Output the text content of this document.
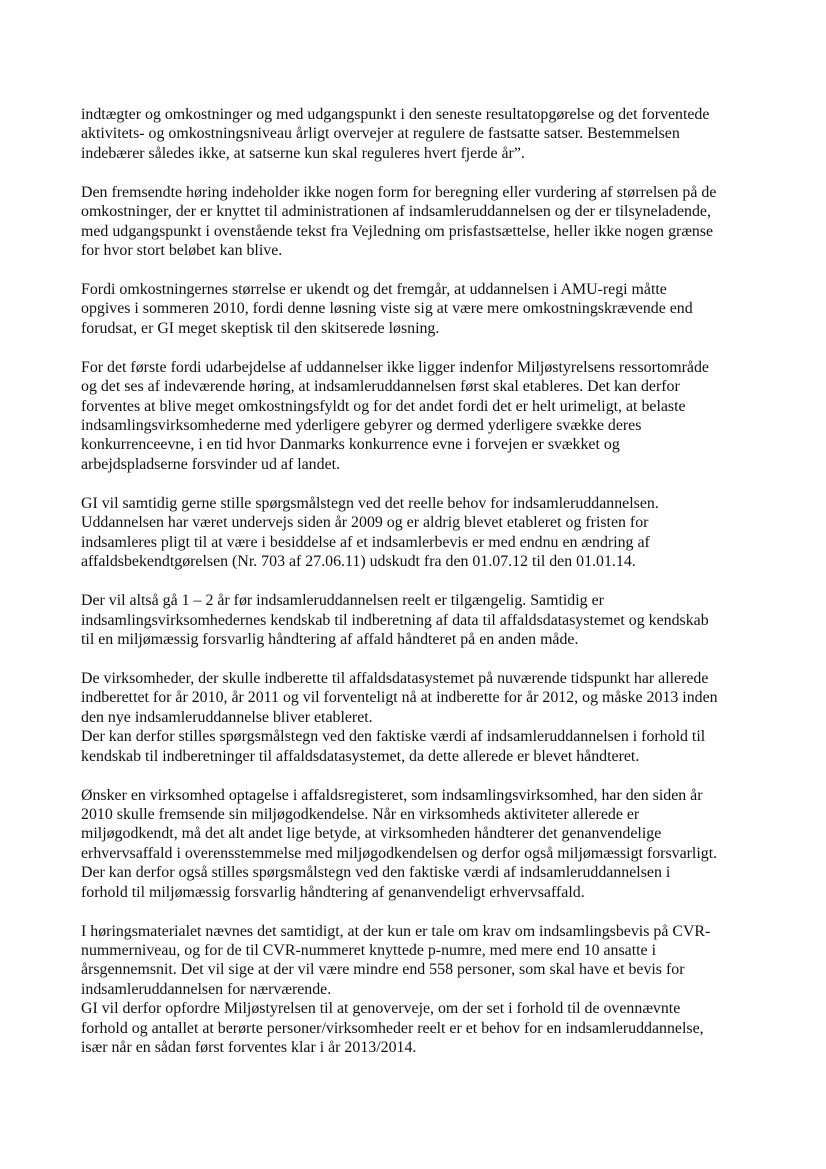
indtægter og omkostninger og med udgangspunkt i den seneste resultatopgørelse og det forventede
aktivitets- og omkostningsniveau årligt overvejer at regulere de fastsatte satser. Bestemmelsen
indebærer således ikke, at satserne kun skal reguleres hvert fjerde år”.

Den fremsendte høring indeholder ikke nogen form for beregning eller vurdering af størrelsen på de
omkostninger, der er knyttet til administrationen af indsamleruddannelsen og der er tilsyneladende,
med udgangspunkt i ovenstående tekst fra Vejledning om prisfastsættelse, heller ikke nogen grænse
for hvor stort beløbet kan blive.

Fordi omkostningernes størrelse er ukendt og det fremgår, at uddannelsen i AMU-regi måtte
opgives i sommeren 2010, fordi denne løsning viste sig at være mere omkostningskrævende end
forudsat, er GI meget skeptisk til den skitserede løsning.

For det første fordi udarbejdelse af uddannelser ikke ligger indenfor Miljøstyrelsens ressortområde
og det ses af indeværende høring, at indsamleruddannelsen først skal etableres. Det kan derfor
forventes at blive meget omkostningsfyldt og for det andet fordi det er helt urimeligt, at belaste
indsamlingsvirksomhederne med yderligere gebyrer og dermed yderligere svække deres
konkurrenceevne, i en tid hvor Danmarks konkurrence evne i forvejen er svækket og
arbejdspladserne forsvinder ud af landet.

GI vil samtidig gerne stille spørgsmålstegn ved det reelle behov for indsamleruddannelsen.
Uddannelsen har været undervejs siden år 2009 og er aldrig blevet etableret og fristen for
indsamleres pligt til at være i besiddelse af et indsamlerbevis er med endnu en ændring af
affaldsbekendtgørelsen (Nr. 703 af 27.06.11) udskudt fra den 01.07.12 til den 01.01.14.

Der vil altså gå 1 – 2 år før indsamleruddannelsen reelt er tilgængelig. Samtidig er
indsamlingsvirksomhedernes kendskab til indberetning af data til affaldsdatasystemet og kendskab
til en miljømæssig forsvarlig håndtering af affald håndteret på en anden måde.

De virksomheder, der skulle indberette til affaldsdatasystemet på nuværende tidspunkt har allerede
indberettet for år 2010, år 2011 og vil forventeligt nå at indberette for år 2012, og måske 2013 inden
den nye indsamleruddannelse bliver etableret.
Der kan derfor stilles spørgsmålstegn ved den faktiske værdi af indsamleruddannelsen i forhold til
kendskab til indberetninger til affaldsdatasystemet, da dette allerede er blevet håndteret.

Ønsker en virksomhed optagelse i affaldsregisteret, som indsamlingsvirksomhed, har den siden år
2010 skulle fremsende sin miljøgodkendelse. Når en virksomheds aktiviteter allerede er
miljøgodkendt, må det alt andet lige betyde, at virksomheden håndterer det genanvendelige
erhvervsaffald i overensstemmelse med miljøgodkendelsen og derfor også miljømæssigt forsvarligt.
Der kan derfor også stilles spørgsmålstegn ved den faktiske værdi af indsamleruddannelsen i
forhold til miljømæssig forsvarlig håndtering af genanvendeligt erhvervsaffald.

I høringsmaterialet nævnes det samtidigt, at der kun er tale om krav om indsamlingsbevis på CVR-
nummerniveau, og for de til CVR-nummeret knyttede p-numre, med mere end 10 ansatte i
årsgennemsnit. Det vil sige at der vil være mindre end 558 personer, som skal have et bevis for
indsamleruddannelsen for nærværende.
GI vil derfor opfordre Miljøstyrelsen til at genoverveje, om der set i forhold til de ovennævnte
forhold og antallet at berørte personer/virksomheder reelt er et behov for en indsamleruddannelse,
især når en sådan først forventes klar i år 2013/2014.
